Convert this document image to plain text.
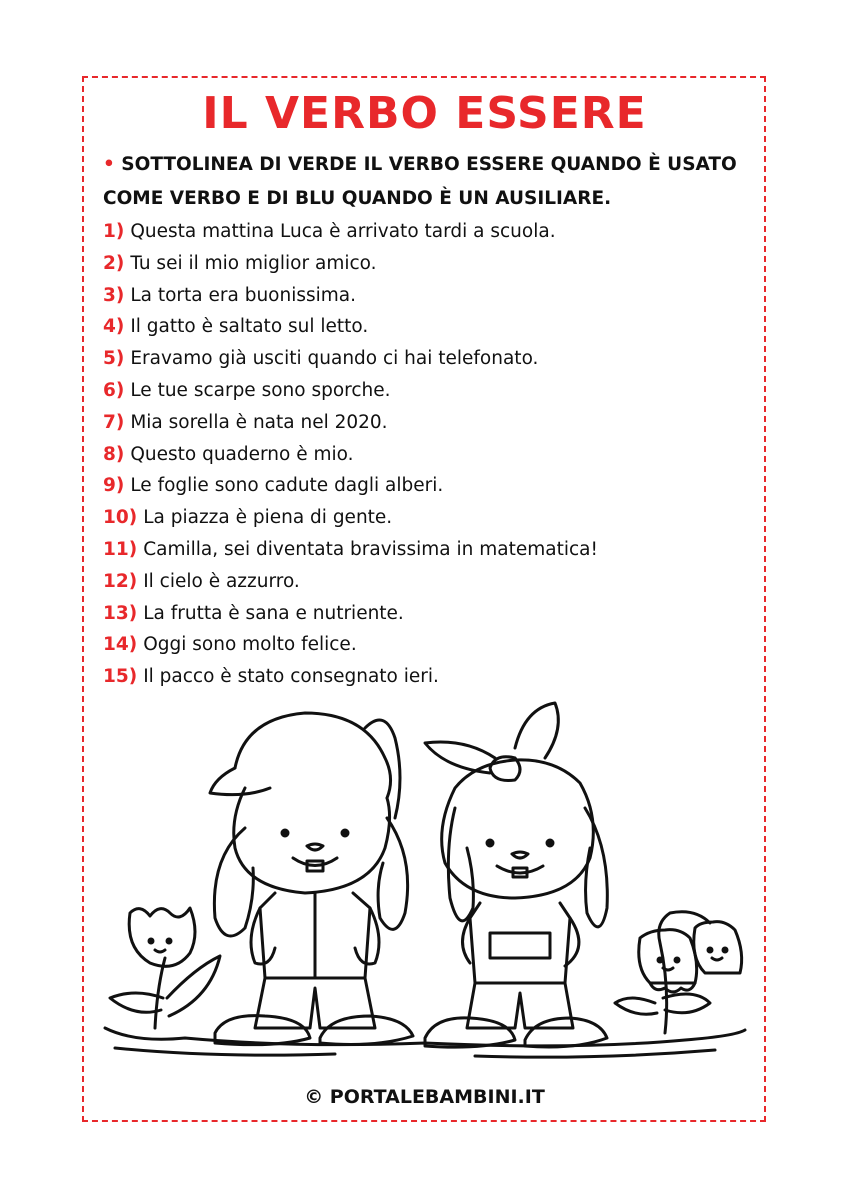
IL VERBO ESSERE
• SOTTOLINEA DI VERDE IL VERBO ESSERE QUANDO È USATO COME VERBO E DI BLU QUANDO È UN AUSILIARE.
1) Questa mattina Luca è arrivato tardi a scuola.
2) Tu sei il mio miglior amico.
3) La torta era buonissima.
4) Il gatto è saltato sul letto.
5) Eravamo già usciti quando ci hai telefonato.
6) Le tue scarpe sono sporche.
7) Mia sorella è nata nel 2020.
8) Questo quaderno è mio.
9) Le foglie sono cadute dagli alberi.
10) La piazza è piena di gente.
11) Camilla, sei diventata bravissima in matematica!
12) Il cielo è azzurro.
13) La frutta è sana e nutriente.
14) Oggi sono molto felice.
15) Il pacco è stato consegnato ieri.
© PORTALEBAMBINI.IT
